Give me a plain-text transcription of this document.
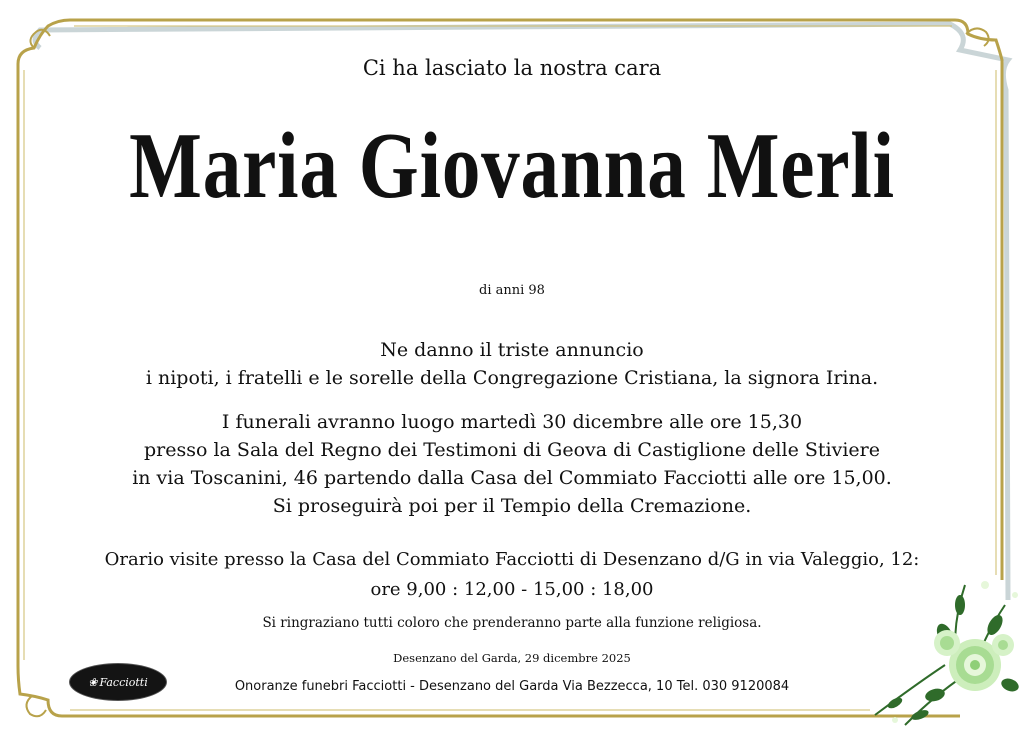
Ci ha lasciato la nostra cara
Maria Giovanna Merli
di anni 98
Ne danno il triste annuncio
i nipoti, i fratelli e le sorelle della Congregazione Cristiana, la signora Irina.
I funerali avranno luogo martedì 30 dicembre alle ore 15,30
presso la Sala del Regno dei Testimoni di Geova di Castiglione delle Stiviere
in via Toscanini, 46 partendo dalla Casa del Commiato Facciotti alle ore 15,00.
Si proseguirà poi per il Tempio della Cremazione.
Orario visite presso la Casa del Commiato Facciotti di Desenzano d/G in via Valeggio, 12:
ore 9,00 : 12,00 - 15,00 : 18,00
Si ringraziano tutti coloro che prenderanno parte alla funzione religiosa.
Desenzano del Garda, 29 dicembre 2025
Onoranze funebri Facciotti - Desenzano del Garda Via Bezzecca, 10 Tel. 030 9120084
❀ Facciotti
